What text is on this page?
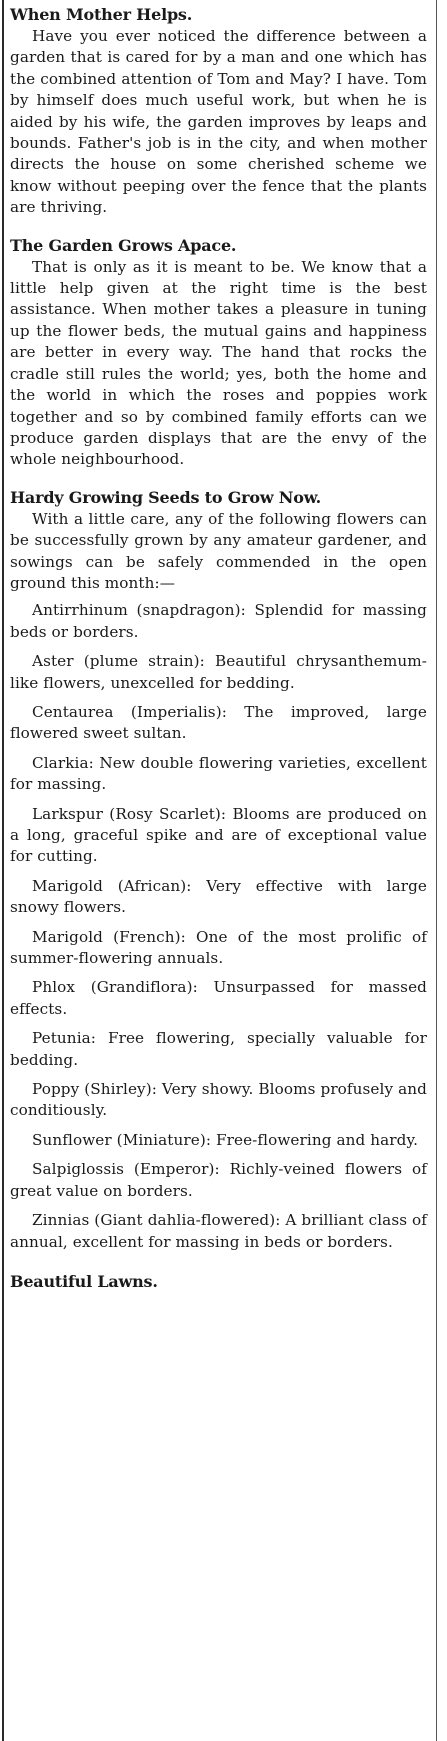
When Mother Helps.

Have you ever noticed the difference between a garden that is cared for by a man and one which has the combined attention of Tom and May? I have. Tom by himself does much useful work, but when he is aided by his wife, the garden improves by leaps and bounds. Father's job is in the city, and when mother directs the house on some cherished scheme we know without peeping over the fence that the plants are thriving.

The Garden Grows Apace.

That is only as it is meant to be. We know that a little help given at the right time is the best assistance. When mother takes a pleasure in tuning up the flower beds, the mutual gains and happiness are better in every way. The hand that rocks the cradle still rules the world; yes, both the home and the world in which the roses and poppies work together and so by combined family efforts can we produce garden displays that are the envy of the whole neighbourhood.

Hardy Growing Seeds to Grow Now.

With a little care, any of the following flowers can be successfully grown by any amateur gardener, and sowings can be safely commended in the open ground this month:—

Antirrhinum (snapdragon): Splendid for massing beds or borders.

Aster (plume strain): Beautiful chrysanthemum-like flowers, unexcelled for bedding.

Centaurea (Imperialis): The improved, large flowered sweet sultan.

Clarkia: New double flowering varieties, excellent for massing.

Larkspur (Rosy Scarlet): Blooms are produced on a long, graceful spike and are of exceptional value for cutting.

Marigold (African): Very effective with large snowy flowers.

Marigold (French): One of the most prolific of summer-flowering annuals.

Phlox (Grandiflora): Unsurpassed for massed effects.

Petunia: Free flowering, specially valuable for bedding.

Poppy (Shirley): Very showy. Blooms profusely and conditiously.

Sunflower (Miniature): Free-flowering and hardy.

Salpiglossis (Emperor): Richly-veined flowers of great value on borders.

Zinnias (Giant dahlia-flowered): A brilliant class of annual, excellent for massing in beds or borders.

Beautiful Lawns.
